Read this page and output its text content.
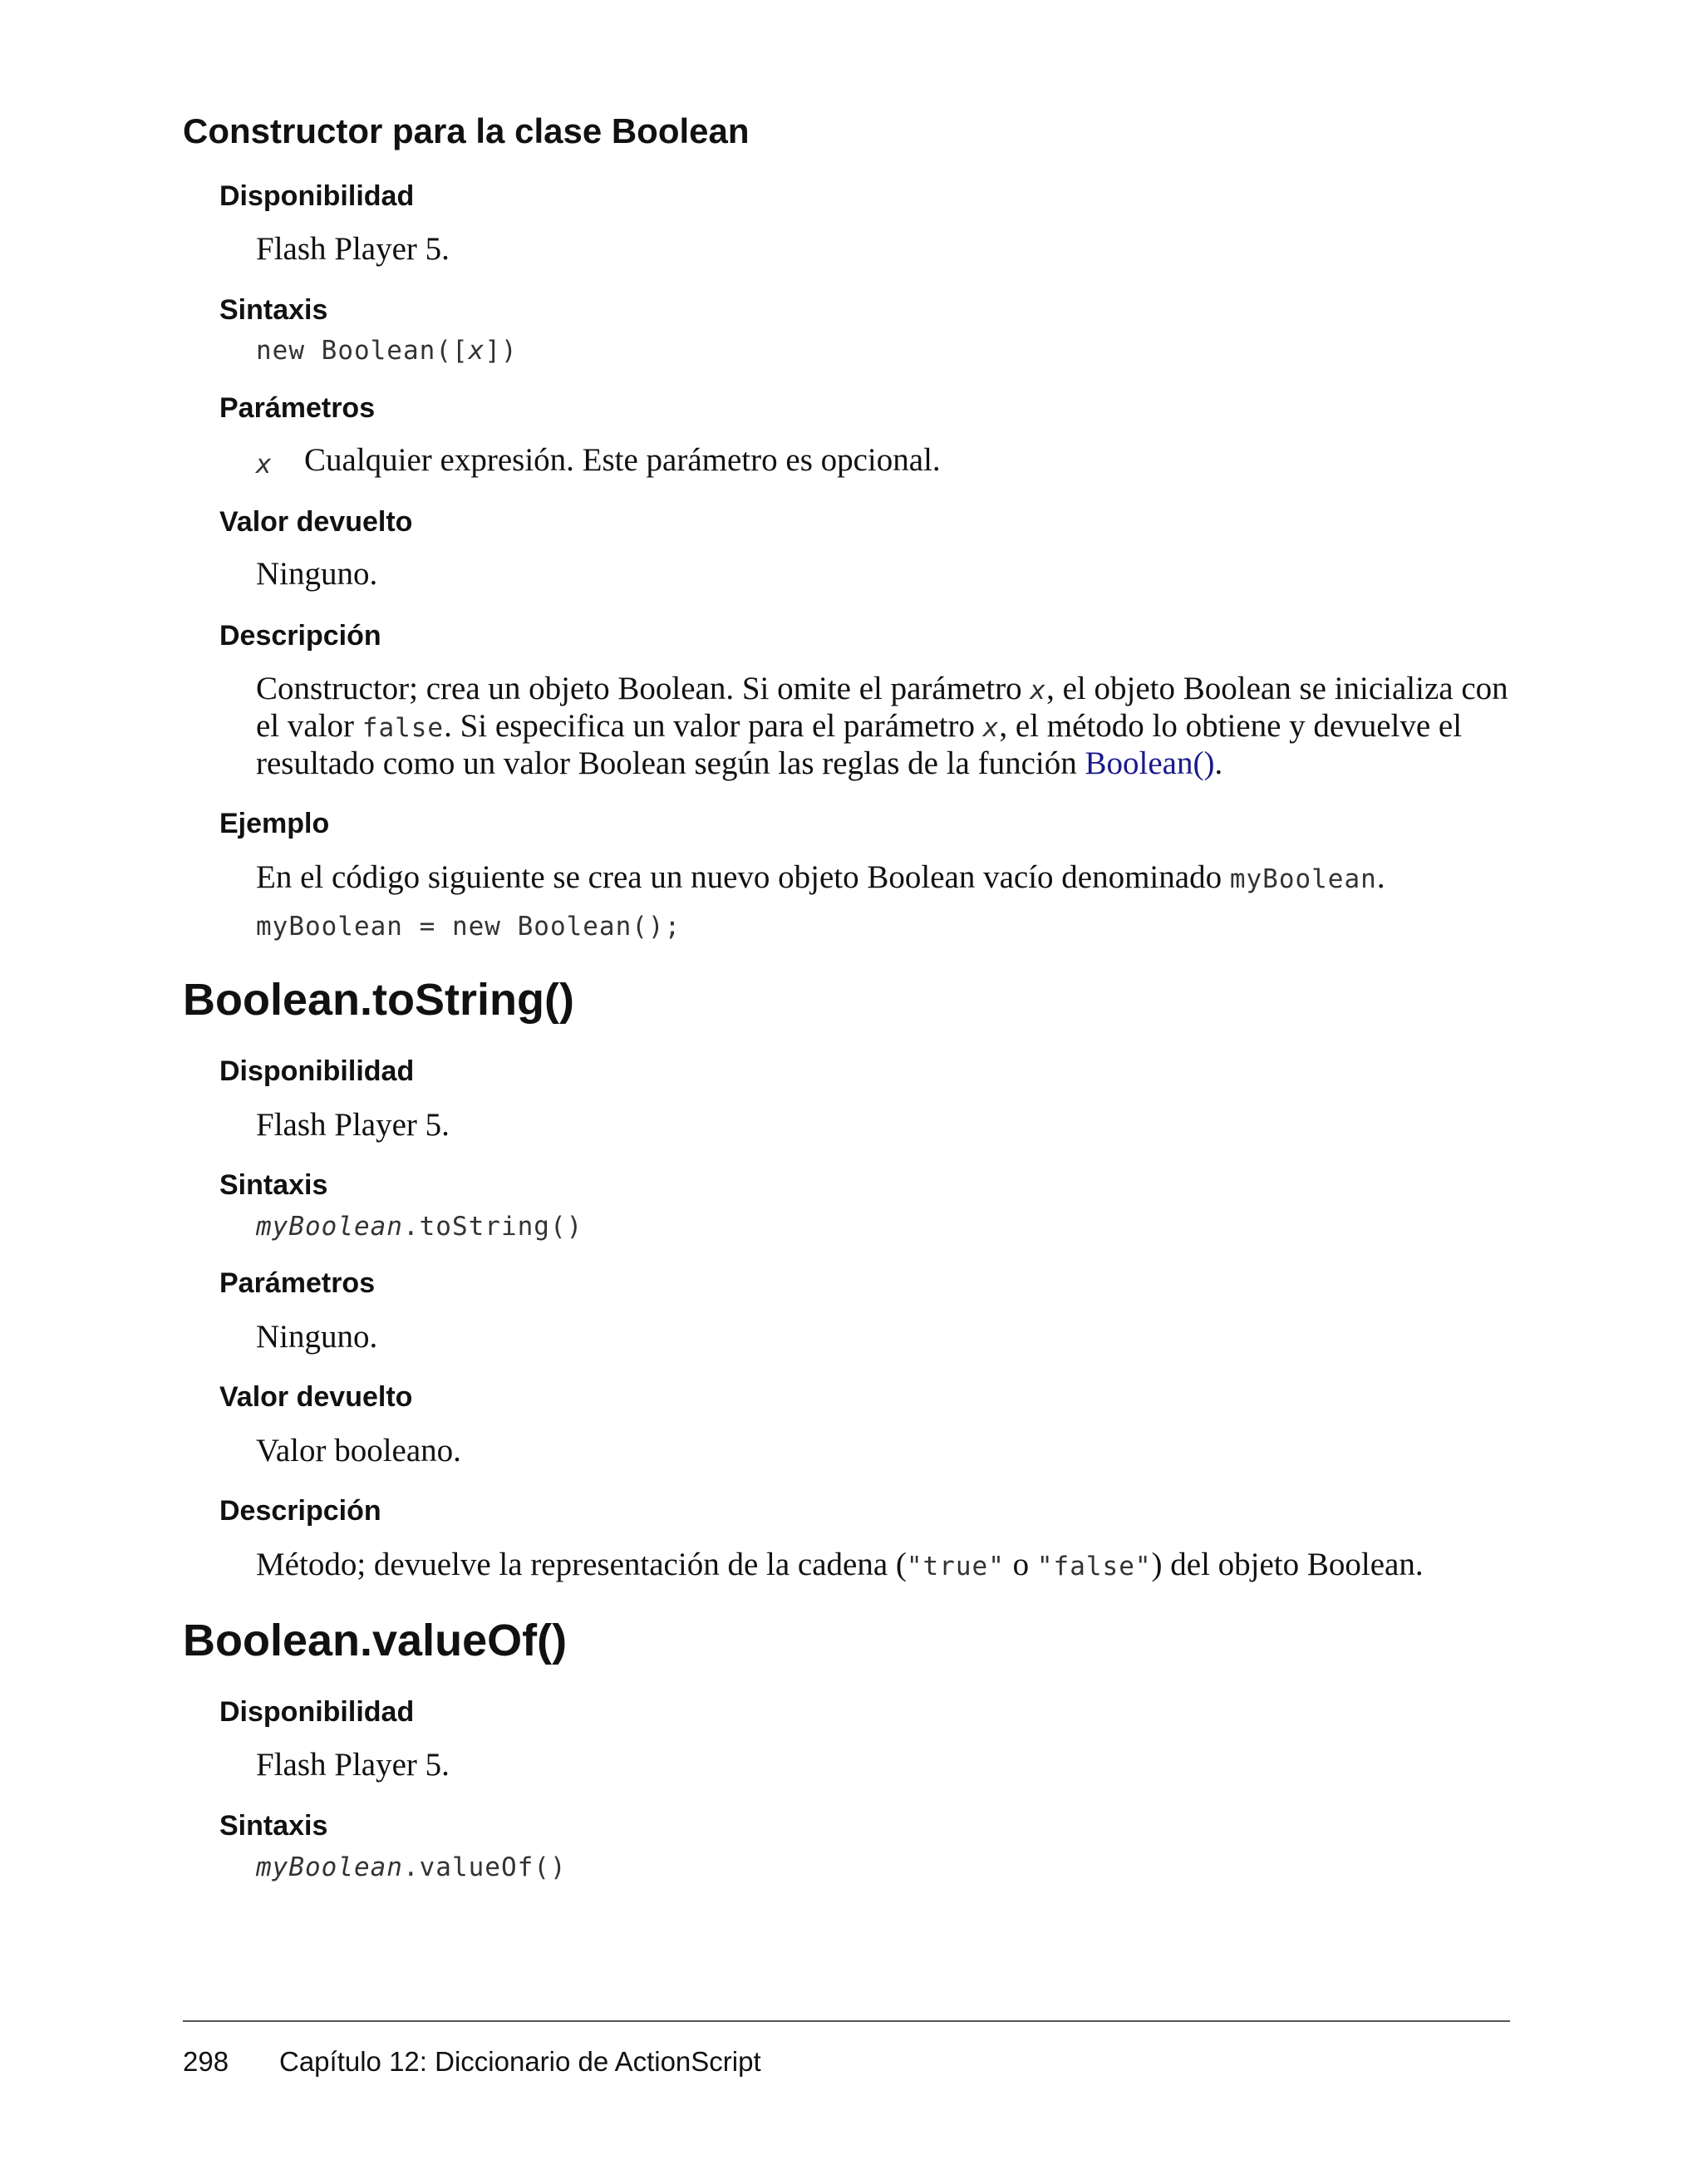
Constructor para la clase Boolean
Disponibilidad

Flash Player 5.

Sintaxis

new Boolean([x])

Parámetros
x Cualquier expresión. Este parámetro es opcional.

Valor devuelto

Ninguno.

Descripción

Constructor; crea un objeto Boolean. Si omite el parámetro x, el objeto Boolean se inicializa con

el valor false. Si especifica un valor para el parámetro x, el método lo obtiene y devuelve el

resultado como un valor Boolean según las reglas de la función Boolean().

Ejemplo

En el código siguiente se crea un nuevo objeto Boolean vacío denominado myBoolean.

myBoolean = new Boolean();

Boolean.toString()
Disponibilidad

Flash Player 5.

Sintaxis

myBoolean.toString()

Parámetros

Ninguno.

Valor devuelto

Valor booleano.

Descripción

Método; devuelve la representación de la cadena ("true" o "false") del objeto Boolean.

Boolean.valueOf()
Disponibilidad

Flash Player 5.

Sintaxis

myBoolean.valueOf()

298 Capítulo 12: Diccionario de ActionScript
